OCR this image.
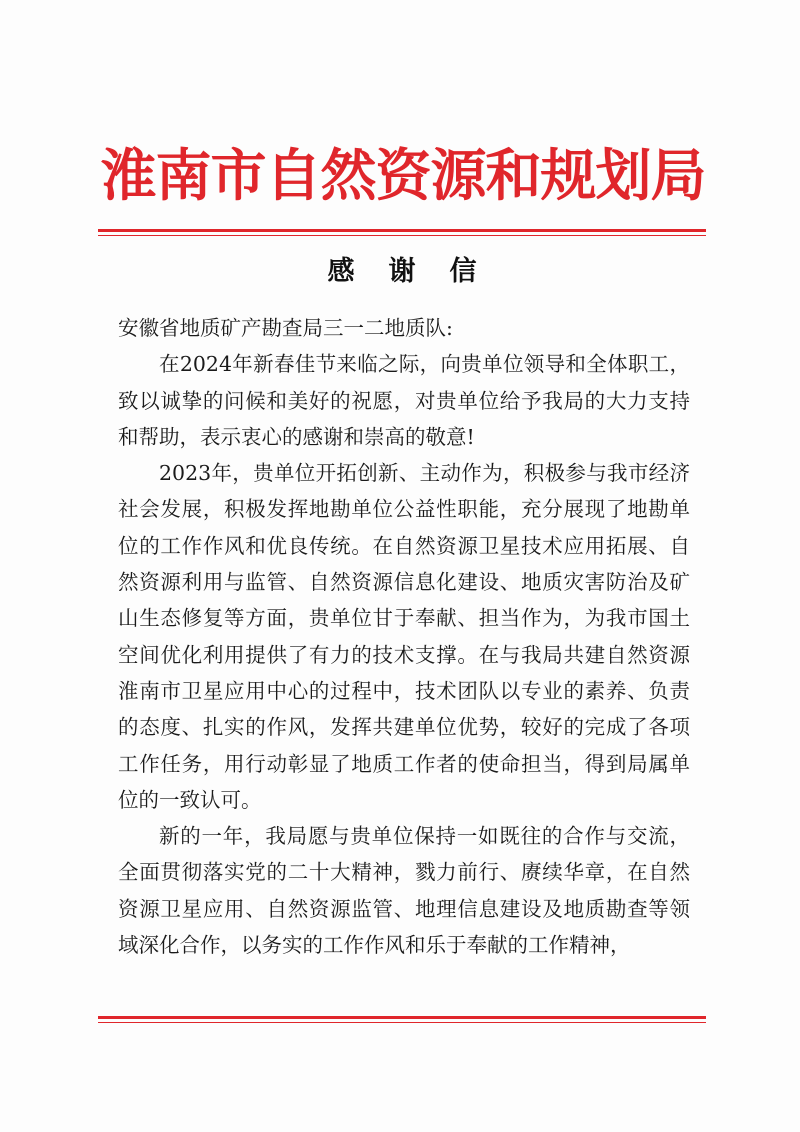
淮南市自然资源和规划局
感谢信

安徽省地质矿产勘查局三一二地质队:

在2024年新春佳节来临之际，向贵单位领导和全体职工，致以诚挚的问候和美好的祝愿，对贵单位给予我局的大力支持和帮助，表示衷心的感谢和崇高的敬意!

2023年，贵单位开拓创新、主动作为，积极参与我市经济社会发展，积极发挥地勘单位公益性职能，充分展现了地勘单位的工作作风和优良传统。在自然资源卫星技术应用拓展、自然资源利用与监管、自然资源信息化建设、地质灾害防治及矿山生态修复等方面，贵单位甘于奉献、担当作为，为我市国土空间优化利用提供了有力的技术支撑。在与我局共建自然资源淮南市卫星应用中心的过程中，技术团队以专业的素养、负责的态度、扎实的作风，发挥共建单位优势，较好的完成了各项工作任务，用行动彰显了地质工作者的使命担当，得到局属单位的一致认可。

新的一年，我局愿与贵单位保持一如既往的合作与交流，全面贯彻落实党的二十大精神，戮力前行、赓续华章，在自然资源卫星应用、自然资源监管、地理信息建设及地质勘查等领域深化合作，以务实的工作作风和乐于奉献的工作精神，
